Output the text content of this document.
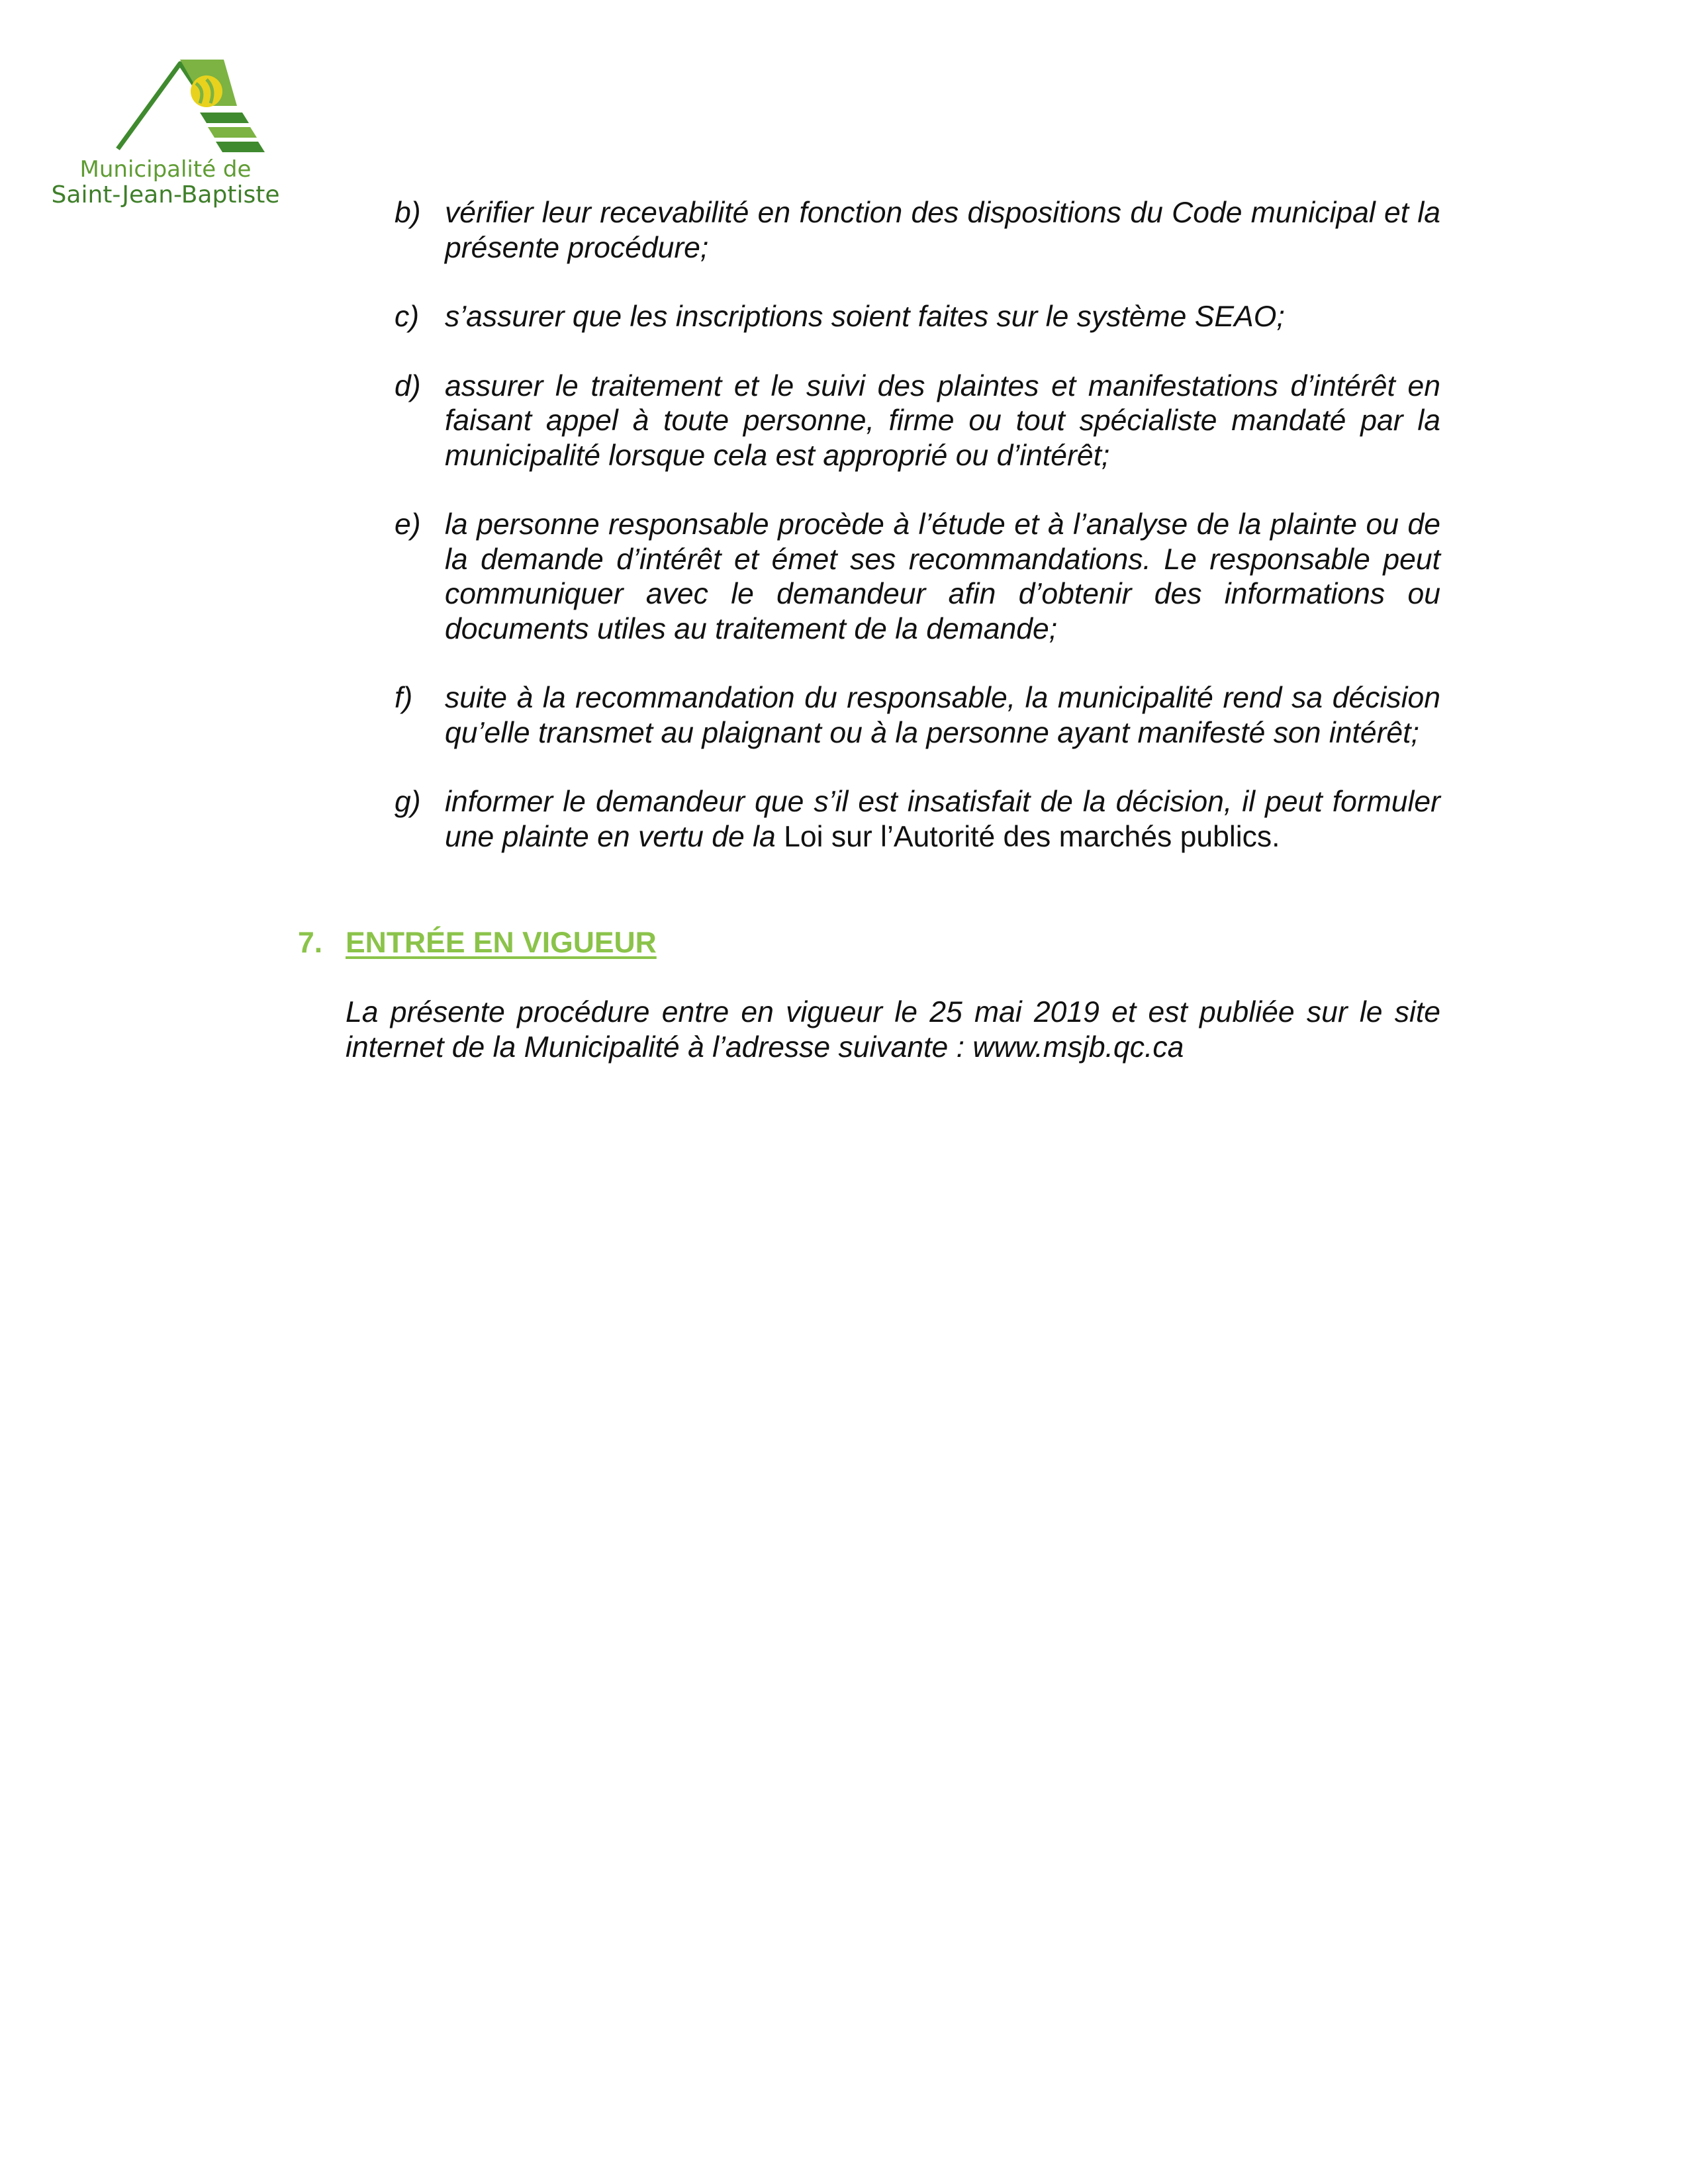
Municipalité de
Saint-Jean-Baptiste
b) vérifier leur recevabilité en fonction des dispositions du Code municipal et la présente procédure;
c) s’assurer que les inscriptions soient faites sur le système SEAO;
d) assurer le traitement et le suivi des plaintes et manifestations d’intérêt en faisant appel à toute personne, firme ou tout spécialiste mandaté par la municipalité lorsque cela est approprié ou d’intérêt;
e) la personne responsable procède à l’étude et à l’analyse de la plainte ou de la demande d’intérêt et émet ses recommandations. Le responsable peut communiquer avec le demandeur afin d’obtenir des informations ou documents utiles au traitement de la demande;
f) suite à la recommandation du responsable, la municipalité rend sa décision qu’elle transmet au plaignant ou à la personne ayant manifesté son intérêt;
g) informer le demandeur que s’il est insatisfait de la décision, il peut formuler une plainte en vertu de la Loi sur l’Autorité des marchés publics.
7. ENTRÉE EN VIGUEUR

La présente procédure entre en vigueur le 25 mai 2019 et est publiée sur le site internet de la Municipalité à l’adresse suivante : www.msjb.qc.ca
